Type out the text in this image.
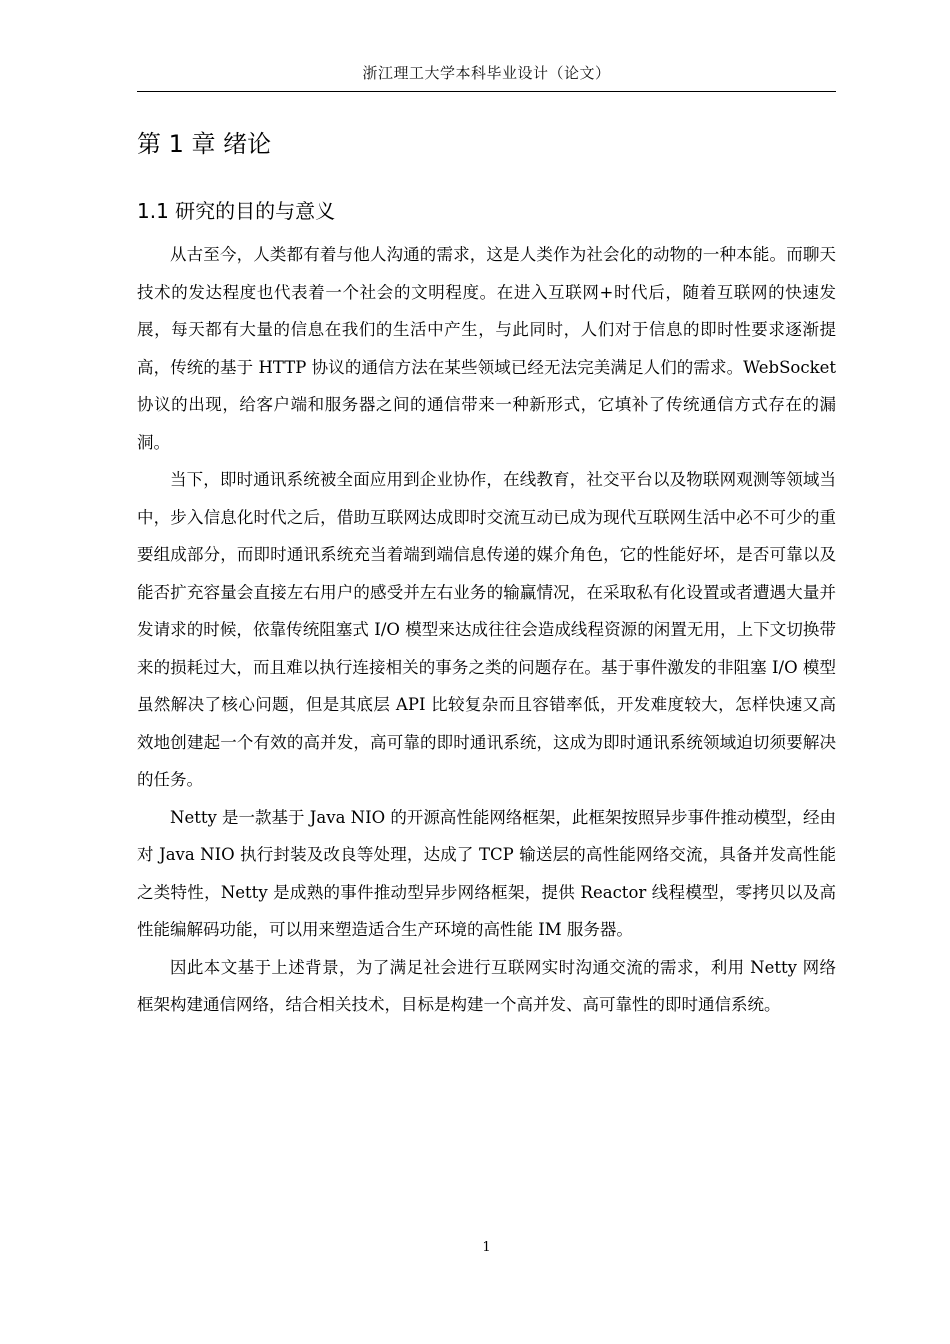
浙江理工大学本科毕业设计（论文）
第 1 章 绪论
1.1 研究的目的与意义

从古至今，人类都有着与他人沟通的需求，这是人类作为社会化的动物的一种本能。而聊天技术的发达程度也代表着一个社会的文明程度。在进入互联网+时代后，随着互联网的快速发展，每天都有大量的信息在我们的生活中产生，与此同时，人们对于信息的即时性要求逐渐提高，传统的基于 HTTP 协议的通信方法在某些领域已经无法完美满足人们的需求。WebSocket 协议的出现，给客户端和服务器之间的通信带来一种新形式，它填补了传统通信方式存在的漏洞。

当下，即时通讯系统被全面应用到企业协作，在线教育，社交平台以及物联网观测等领域当中，步入信息化时代之后，借助互联网达成即时交流互动已成为现代互联网生活中必不可少的重要组成部分，而即时通讯系统充当着端到端信息传递的媒介角色，它的性能好坏，是否可靠以及能否扩充容量会直接左右用户的感受并左右业务的输赢情况，在采取私有化设置或者遭遇大量并发请求的时候，依靠传统阻塞式 I/O 模型来达成往往会造成线程资源的闲置无用，上下文切换带来的损耗过大，而且难以执行连接相关的事务之类的问题存在。基于事件激发的非阻塞 I/O 模型虽然解决了核心问题，但是其底层 API 比较复杂而且容错率低，开发难度较大，怎样快速又高效地创建起一个有效的高并发，高可靠的即时通讯系统，这成为即时通讯系统领域迫切须要解决的任务。

Netty 是一款基于 Java NIO 的开源高性能网络框架，此框架按照异步事件推动模型，经由对 Java NIO 执行封装及改良等处理，达成了 TCP 输送层的高性能网络交流，具备并发高性能之类特性，Netty 是成熟的事件推动型异步网络框架，提供 Reactor 线程模型，零拷贝以及高性能编解码功能，可以用来塑造适合生产环境的高性能 IM 服务器。

因此本文基于上述背景，为了满足社会进行互联网实时沟通交流的需求，利用 Netty 网络框架构建通信网络，结合相关技术，目标是构建一个高并发、高可靠性的即时通信系统。

1
